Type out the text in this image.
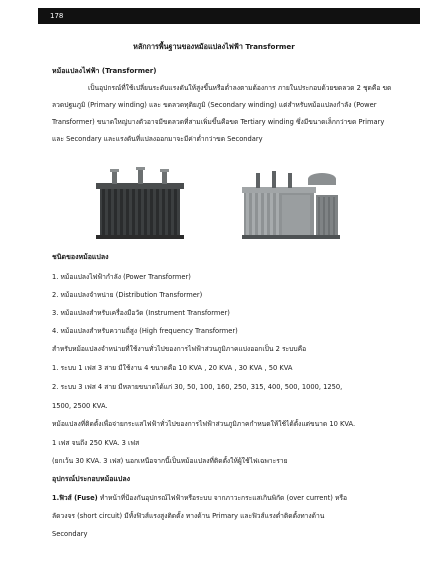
178
หลักการพื้นฐานของหม้อแปลงไฟฟ้า Transformer
หม้อแปลงไฟฟ้า (Transformer)
เป็นอุปกรณ์ที่ใช้เปลี่ยนระดับแรงดันให้สูงขึ้นหรือต่ำลงตามต้องการ ภายในประกอบด้วยขดลวด 2 ชุดคือ ขดลวดปฐมภูมิ (Primary winding) และ ขดลวดทุติยภูมิ (Secondary winding) แต่สำหรับหม้อแปลงกำลัง (Power Transformer) ขนาดใหญ่บางตัวอาจมีขดลวดที่สามเพิ่มขึ้นคือขด Tertiary winding ซึ่งมีขนาดเล็กกว่าขด Primary และ Secondary และแรงดันที่แปลงออกมาจะมีค่าต่ำกว่าขด Secondary
ชนิดของหม้อแปลง
1. หม้อแปลงไฟฟ้ากำลัง (Power Transformer)
2. หม้อแปลงจำหน่าย (Distribution Transformer)
3. หม้อแปลงสำหรับเครื่องมือวัด (Instrument Transformer)
4. หม้อแปลงสำหรับความถี่สูง (High frequency Transformer)
สำหรับหม้อแปลงจำหน่ายที่ใช้งานทั่วไปของการไฟฟ้าส่วนภูมิภาคแบ่งออกเป็น 2 ระบบคือ
1. ระบบ 1 เฟส 3 สาย มีใช้งาน 4 ขนาดคือ 10 KVA , 20 KVA , 30 KVA , 50 KVA
2. ระบบ 3 เฟส 4 สาย มีหลายขนาดได้แก่ 30, 50, 100, 160, 250, 315, 400, 500, 1000, 1250,
1500, 2500 KVA.
หม้อแปลงที่ติดตั้งเพื่อจ่ายกระแสไฟฟ้าทั่วไปของการไฟฟ้าส่วนภูมิภาคกำหนดให้ใช้ได้ตั้งแต่ขนาด 10 KVA.
1 เฟส จนถึง 250 KVA. 3 เฟส
(ยกเว้น 30 KVA. 3 เฟส) นอกเหนือจากนี้เป็นหม้อแปลงที่ติดตั้งให้ผู้ใช้ไฟเฉพาะราย
อุปกรณ์ประกอบหม้อแปลง
1.ฟิวส์ (Fuse) ทำหน้าที่ป้องกันอุปกรณ์ไฟฟ้าหรือระบบ จากภาวะกระแสเกินพิกัด (over current) หรือ
ลัดวงจร (short circuit) มีทั้งฟิวส์แรงสูงติดตั้ง ทางด้าน Primary และฟิวส์แรงต่ำติดตั้งทางด้าน
Secondary
